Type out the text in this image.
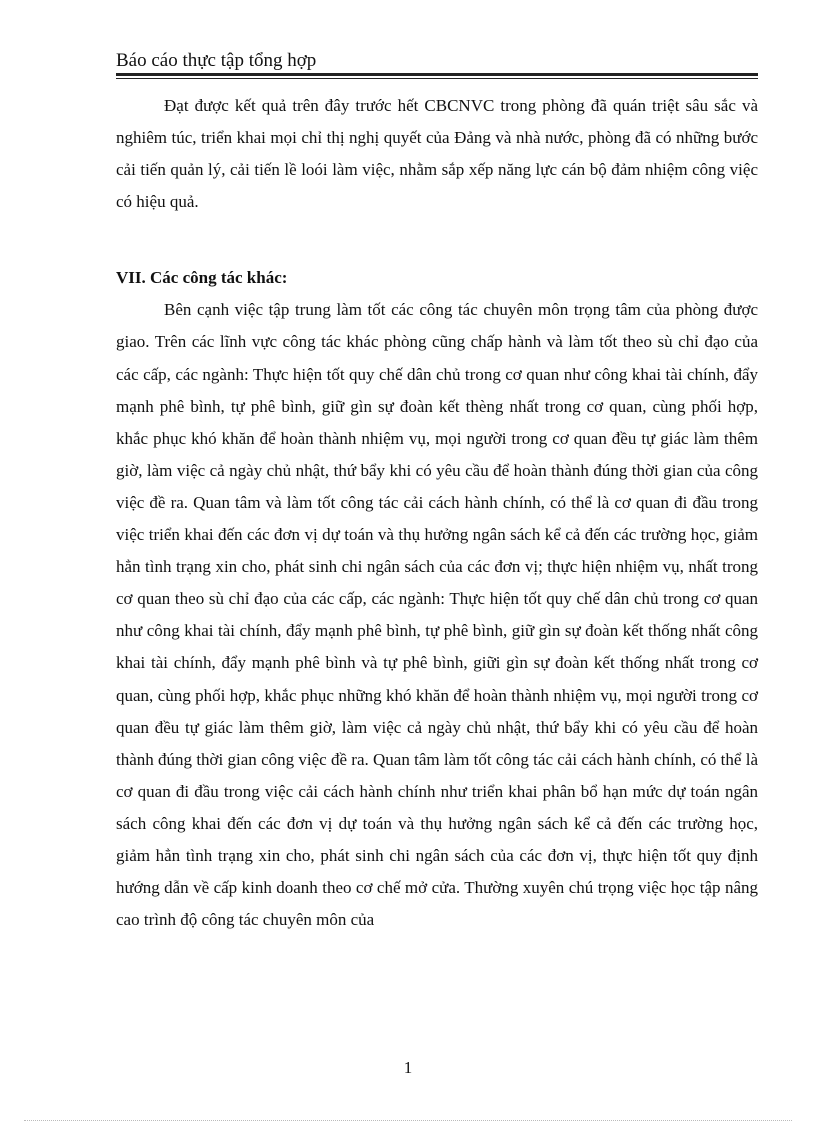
Báo cáo thực tập tổng hợp

Đạt được kết quả trên đây trước hết CBCNVC trong phòng đã quán triệt sâu sắc và nghiêm túc, triển khai mọi chỉ thị nghị quyết của Đảng và nhà nước, phòng đã có những bước cải tiến quản lý, cải tiến lề loói làm việc, nhằm sắp xếp năng lực cán bộ đảm nhiệm công việc có hiệu quả.

VII. Các công tác khác:

Bên cạnh việc tập trung làm tốt các công tác chuyên môn trọng tâm của phòng được giao. Trên các lĩnh vực công tác khác phòng cũng chấp hành và làm tốt theo sù chỉ đạo của các cấp, các ngành: Thực hiện tốt quy chế dân chủ trong cơ quan như công khai tài chính, đẩy mạnh phê bình, tự phê bình, giữ gìn sự đoàn kết thèng nhất trong cơ quan, cùng phối hợp, khắc phục khó khăn để hoàn thành nhiệm vụ, mọi người trong cơ quan đều tự giác làm thêm giờ, làm việc cả ngày chủ nhật, thứ bẩy khi có yêu cầu để hoàn thành đúng thời gian của công việc đề ra. Quan tâm và làm tốt công tác cải cách hành chính, có thể là cơ quan đi đầu trong việc triển khai đến các đơn vị dự toán và thụ hưởng ngân sách kể cả đến các trường học, giảm hẳn tình trạng xin cho, phát sinh chi ngân sách của các đơn vị; thực hiện nhiệm vụ, nhất trong cơ quan theo sù chỉ đạo của các cấp, các ngành: Thực hiện tốt quy chế dân chủ trong cơ quan như công khai tài chính, đẩy mạnh phê bình, tự phê bình, giữ gìn sự đoàn kết thống nhất công khai tài chính, đẩy mạnh phê bình và tự phê bình, giữi gìn sự đoàn kết thống nhất trong cơ quan, cùng phối hợp, khắc phục những khó khăn để hoàn thành nhiệm vụ, mọi người trong cơ quan đều tự giác làm thêm giờ, làm việc cả ngày chủ nhật, thứ bẩy khi có yêu cầu để hoàn thành đúng thời gian công việc đề ra. Quan tâm làm tốt công tác cải cách hành chính, có thể là cơ quan đi đầu trong việc cải cách hành chính như triển khai phân bổ hạn mức dự toán ngân sách công khai đến các đơn vị dự toán và thụ hưởng ngân sách kể cả đến các trường học, giảm hẳn tình trạng xin cho, phát sinh chi ngân sách của các đơn vị, thực hiện tốt quy định hướng dẫn về cấp kinh doanh theo cơ chế mở cửa. Thường xuyên chú trọng việc học tập nâng cao trình độ công tác chuyên môn của

1
